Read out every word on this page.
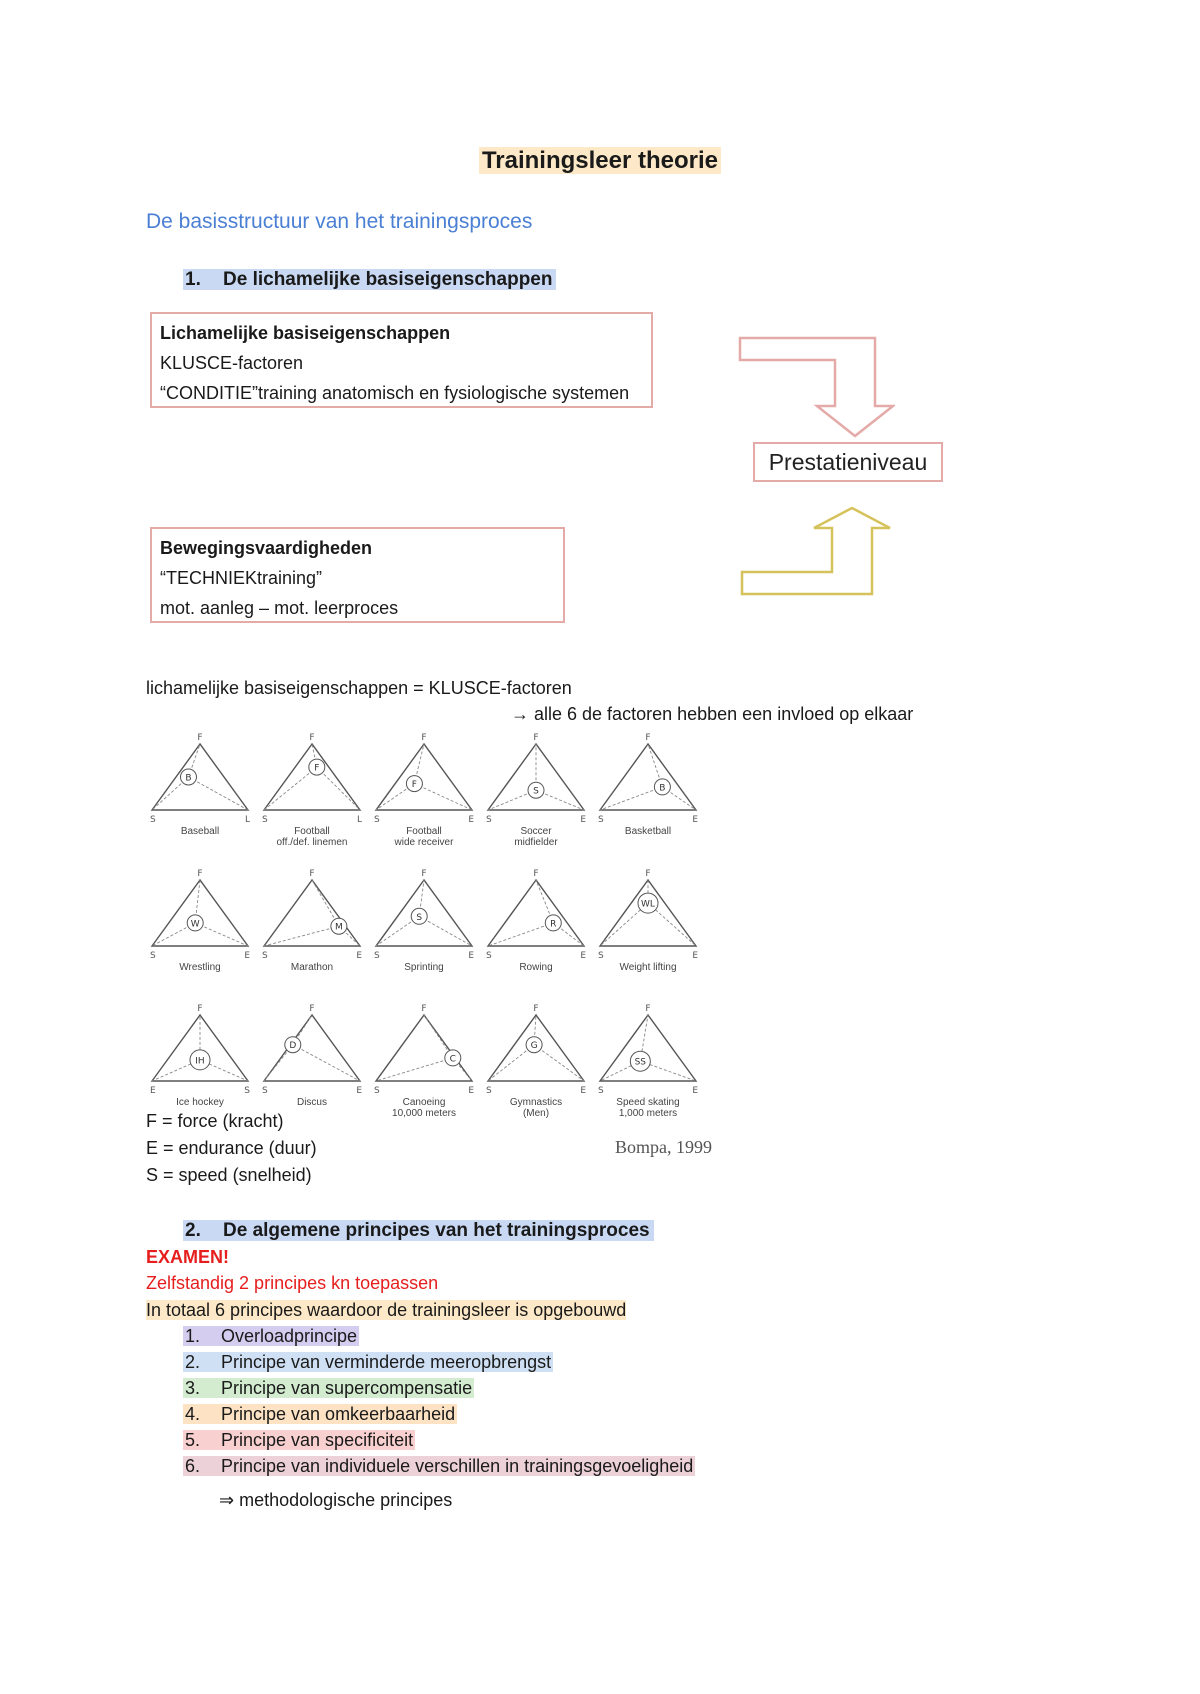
Trainingsleer theorie
De basisstructuur van het trainingsproces
1. De lichamelijke basiseigenschappen
Lichamelijke basiseigenschappen
KLUSCE-factoren
“CONDITIE”training anatomisch en fysiologische systemen
Bewegingsvaardigheden
“TECHNIEKtraining”
mot. aanleg – mot. leerproces
Prestatieniveau
lichamelijke basiseigenschappen = KLUSCE-factoren
→ alle 6 de factoren hebben een invloed op elkaar
B
F
S	L
Baseball
F
F
S	L
Football
off./def. linemen
F
F
S	E
Football
wide receiver
S
F
S	E
Soccer
midfielder
B
F
S	E
Basketball
W
F
S	E
Wrestling
M
F
S	E
Marathon
S
F
S	E
Sprinting
R
F
S	E
Rowing
WL
F
S	E
Weight lifting
IH
F
E	S
Ice hockey
D
F
S	E
Discus
C
F
S	E
Canoeing
10,000 meters
G
F
S	E
Gymnastics
(Men)
SS
F
S	E
Speed skating
1,000 meters
F = force (kracht)
E = endurance (duur)
S = speed (snelheid)
Bompa, 1999
2. De algemene principes van het trainingsproces
EXAMEN!
Zelfstandig 2 principes kn toepassen
In totaal 6 principes waardoor de trainingsleer is opgebouwd
1. Overloadprincipe
2. Principe van verminderde meeropbrengst
3. Principe van supercompensatie
4. Principe van omkeerbaarheid
5. Principe van specificiteit
6. Principe van individuele verschillen in trainingsgevoeligheid
⇒ methodologische principes
